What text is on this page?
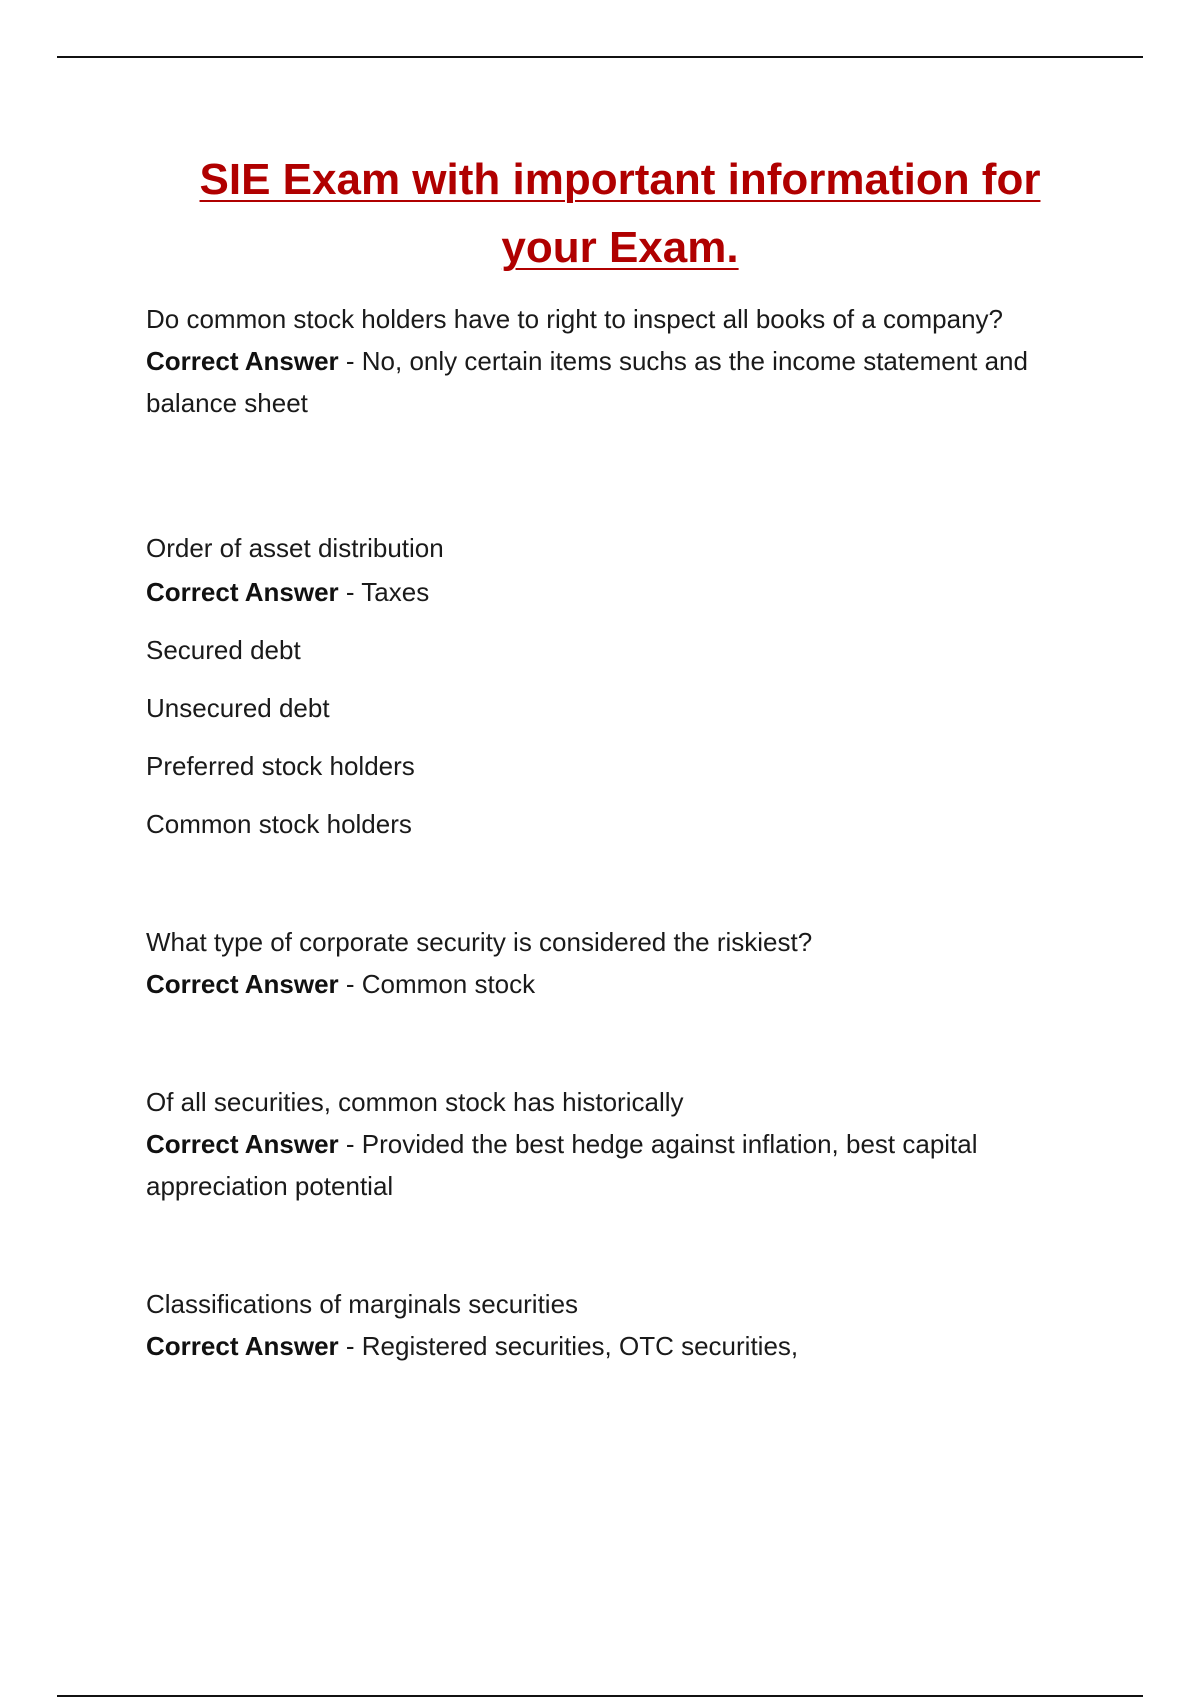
SIE Exam with important information for
your Exam.

Do common stock holders have to right to inspect all books of a company?

Correct Answer - No, only certain items suchs as the income statement and balance sheet

Order of asset distribution

Correct Answer - Taxes

Secured debt

Unsecured debt

Preferred stock holders

Common stock holders

What type of corporate security is considered the riskiest?

Correct Answer - Common stock

Of all securities, common stock has historically

Correct Answer - Provided the best hedge against inflation, best capital appreciation potential

Classifications of marginals securities

Correct Answer - Registered securities, OTC securities,
